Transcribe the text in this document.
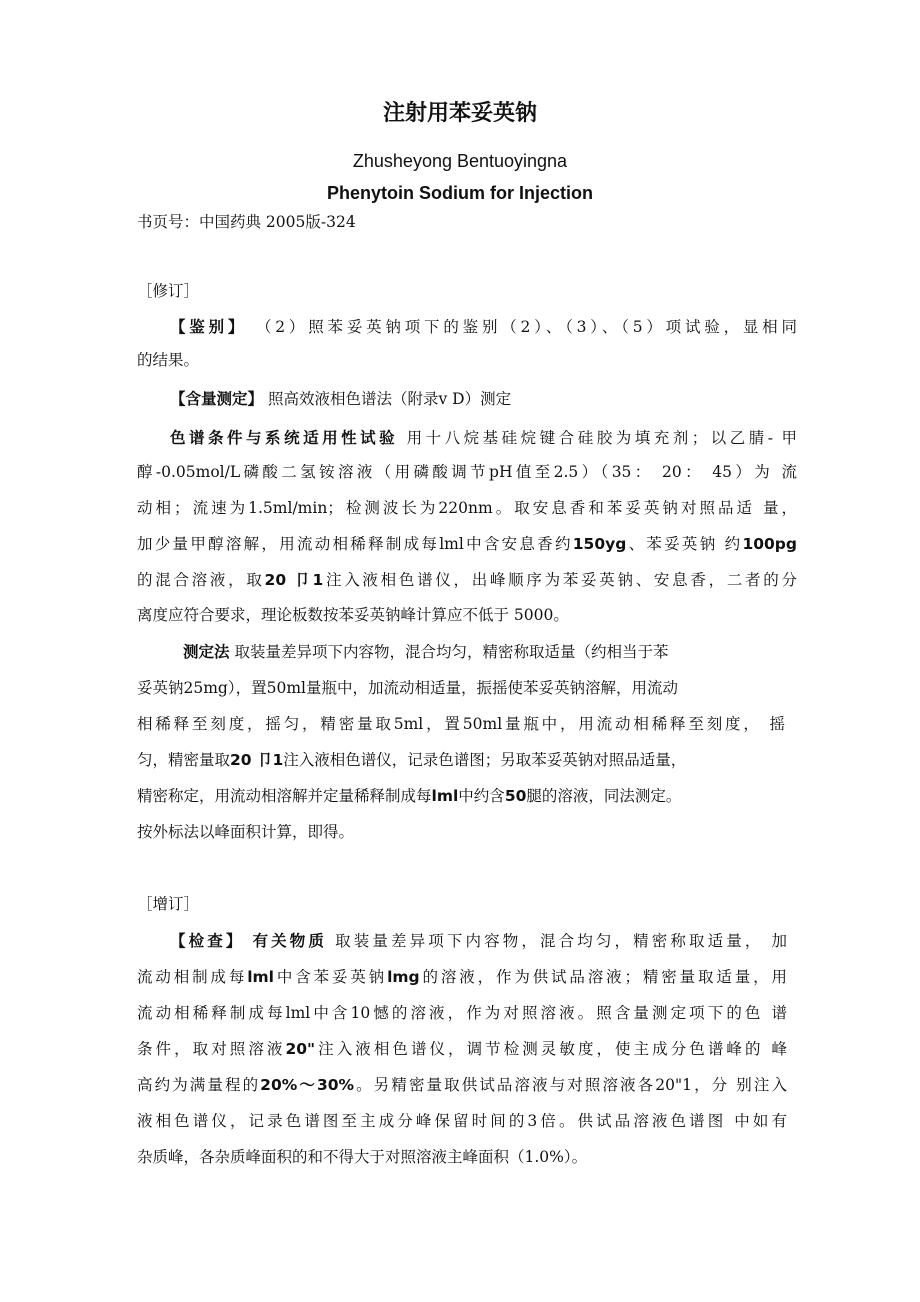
注射用苯妥英钠
Zhusheyong Bentuoyingna
Phenytoin Sodium for Injection
书页号：中国药典 2005版-324
［修订］
【鉴别】 （2）照苯妥英钠项下的鉴别（2）、（3）、（5）项试验，显相同
的结果。
【含量测定】 照高效液相色谱法（附录v D）测定
色谱条件与系统适用性试验 用十八烷基硅烷键合硅胶为填充剂；以乙腈- 甲
醇-0.05mol/L磷酸二氢铵溶液（用磷酸调节pH值至2.5）（35： 20： 45）为 流
动相；流速为1.5ml/min；检测波长为220nm。取安息香和苯妥英钠对照品适 量，
加少量甲醇溶解，用流动相稀释制成每lml中含安息香约150yg、苯妥英钠 约100pg
的混合溶液，取20 卩1注入液相色谱仪，出峰顺序为苯妥英钠、安息香，二者的分
离度应符合要求，理论板数按苯妥英钠峰计算应不低于 5000。
测定法 取装量差异项下内容物，混合均匀，精密称取适量（约相当于苯
妥英钠25mg），置50ml量瓶中，加流动相适量，振摇使苯妥英钠溶解，用流动
相稀释至刻度，摇匀，精密量取5ml，置50ml量瓶中，用流动相稀释至刻度， 摇
匀，精密量取20 卩1注入液相色谱仪，记录色谱图；另取苯妥英钠对照品适量，
精密称定，用流动相溶解并定量稀释制成每lml中约含50腿的溶液，同法测定。
按外标法以峰面积计算，即得。
［增订］
【检查】 有关物质 取装量差异项下内容物，混合均匀，精密称取适量， 加
流动相制成每lml中含苯妥英钠lmg的溶液，作为供试品溶液；精密量取适量，用
流动相稀释制成每lml中含10憾的溶液，作为对照溶液。照含量测定项下的色 谱
条件，取对照溶液20"注入液相色谱仪，调节检测灵敏度，使主成分色谱峰的 峰
高约为满量程的20%～30%。另精密量取供试品溶液与对照溶液各20"1，分 别注入
液相色谱仪，记录色谱图至主成分峰保留时间的3倍。供试品溶液色谱图 中如有
杂质峰，各杂质峰面积的和不得大于对照溶液主峰面积（1.0%）。
